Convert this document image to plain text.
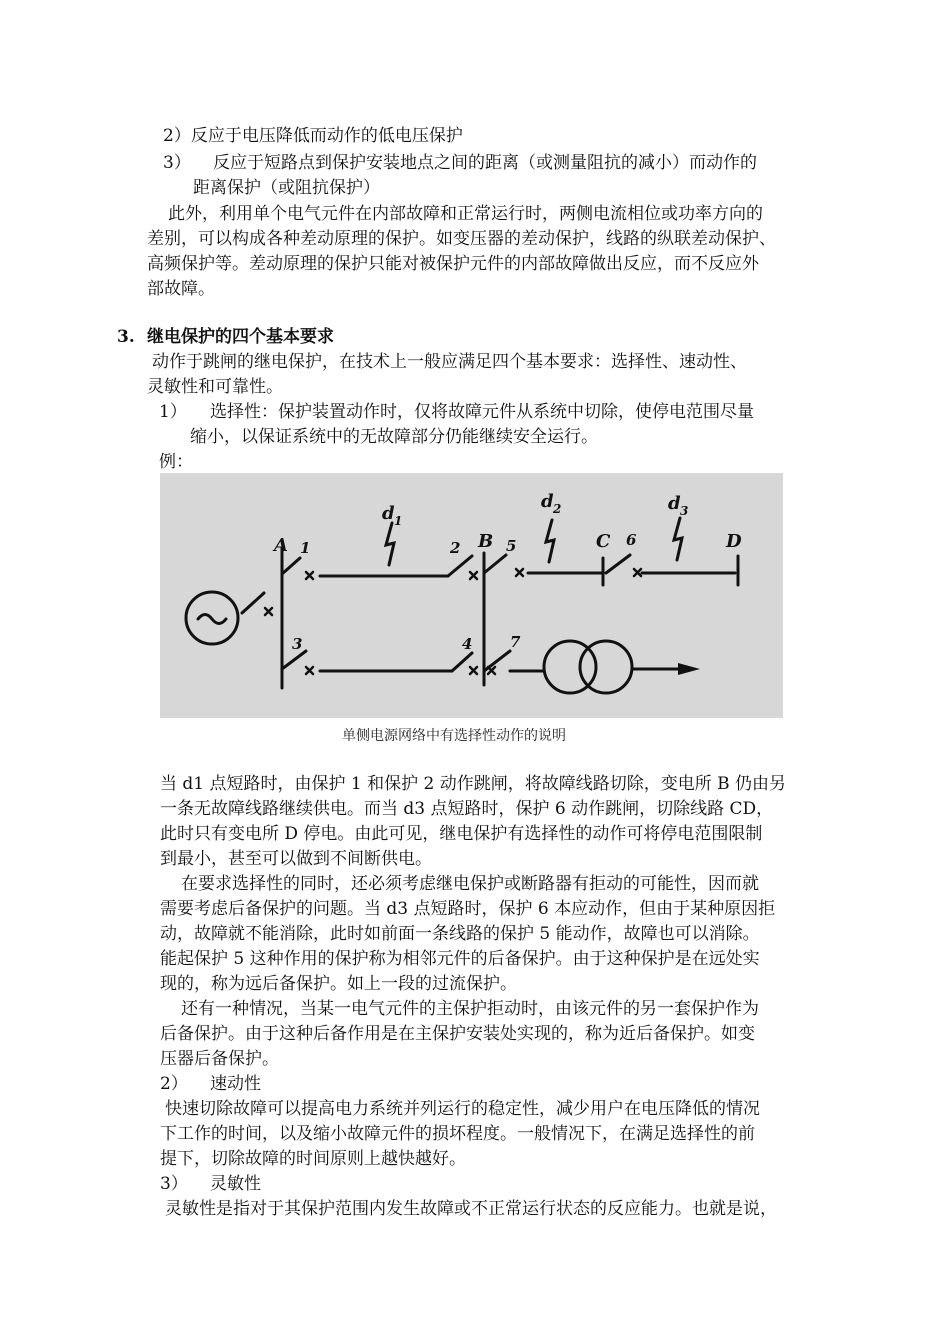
2）反应于电压降低而动作的低电压保护
3） 反应于短路点到保护安装地点之间的距离（或测量阻抗的减小）而动作的
距离保护（或阻抗保护）
此外，利用单个电气元件在内部故障和正常运行时，两侧电流相位或功率方向的
差别，可以构成各种差动原理的保护。如变压器的差动保护，线路的纵联差动保护、
高频保护等。差动原理的保护只能对被保护元件的内部故障做出反应，而不反应外
部故障。
3. 继电保护的四个基本要求
动作于跳闸的继电保护，在技术上一般应满足四个基本要求：选择性、速动性、
灵敏性和可靠性。
1） 选择性：保护装置动作时，仅将故障元件从系统中切除，使停电范围尽量
缩小，以保证系统中的无故障部分仍能继续安全运行。
例：
A	B	C	D
d 1
d 2	d 3
1	2
3	4
5	6
7
单侧电源网络中有选择性动作的说明
当 d1 点短路时，由保护 1 和保护 2 动作跳闸，将故障线路切除，变电所 B 仍由另
一条无故障线路继续供电。而当 d3 点短路时，保护 6 动作跳闸，切除线路 CD，
此时只有变电所 D 停电。由此可见，继电保护有选择性的动作可将停电范围限制
到最小，甚至可以做到不间断供电。
在要求选择性的同时，还必须考虑继电保护或断路器有拒动的可能性，因而就
需要考虑后备保护的问题。当 d3 点短路时，保护 6 本应动作，但由于某种原因拒
动，故障就不能消除，此时如前面一条线路的保护 5 能动作，故障也可以消除。
能起保护 5 这种作用的保护称为相邻元件的后备保护。由于这种保护是在远处实
现的，称为远后备保护。如上一段的过流保护。
还有一种情况，当某一电气元件的主保护拒动时，由该元件的另一套保护作为
后备保护。由于这种后备作用是在主保护安装处实现的，称为近后备保护。如变
压器后备保护。
2） 速动性
快速切除故障可以提高电力系统并列运行的稳定性，减少用户在电压降低的情况
下工作的时间，以及缩小故障元件的损坏程度。一般情况下，在满足选择性的前
提下，切除故障的时间原则上越快越好。
3） 灵敏性
灵敏性是指对于其保护范围内发生故障或不正常运行状态的反应能力。也就是说，
